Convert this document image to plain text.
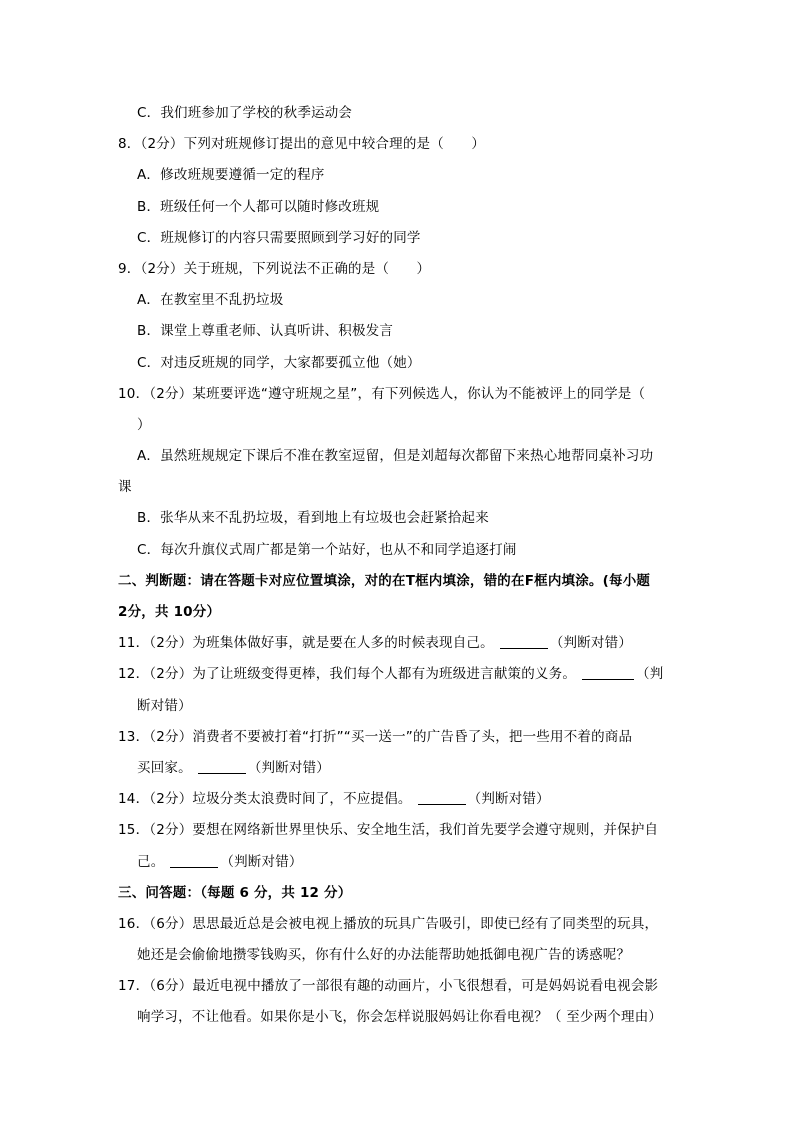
C．我们班参加了学校的秋季运动会
8．（2分）下列对班规修订提出的意见中较合理的是（　　）
A．修改班规要遵循一定的程序
B．班级任何一个人都可以随时修改班规
C．班规修订的内容只需要照顾到学习好的同学
9．（2分）关于班规，下列说法不正确的是（　　）
A．在教室里不乱扔垃圾
B．课堂上尊重老师、认真听讲、积极发言
C．对违反班规的同学，大家都要孤立他（她）
10．（2分）某班要评选“遵守班规之星”，有下列候选人，你认为不能被评上的同学是（
）
A．虽然班规规定下课后不准在教室逗留，但是刘超每次都留下来热心地帮同桌补习功
课
B．张华从来不乱扔垃圾，看到地上有垃圾也会赶紧拾起来
C．每次升旗仪式周广都是第一个站好，也从不和同学追逐打闹
二、判断题：请在答题卡对应位置填涂，对的在T框内填涂，错的在F框内填涂。(每小题
2分，共 10分）
11．（2分）为班集体做好事，就是要在人多的时候表现自己。	（判断对错）
12．（2分）为了让班级变得更棒，我们每个人都有为班级进言献策的义务。	（判
断对错）
13．（2分）消费者不要被打着“打折”“买一送一”的广告昏了头，把一些用不着的商品
买回家。	（判断对错）
14．（2分）垃圾分类太浪费时间了，不应提倡。	（判断对错）
15．（2分）要想在网络新世界里快乐、安全地生活，我们首先要学会遵守规则，并保护自
己。	（判断对错）
三、问答题：（每题 6 分，共 12 分）
16．（6分）思思最近总是会被电视上播放的玩具广告吸引，即使已经有了同类型的玩具，
她还是会偷偷地攒零钱购买，你有什么好的办法能帮助她抵御电视广告的诱惑呢？
17．（6分）最近电视中播放了一部很有趣的动画片，小飞很想看，可是妈妈说看电视会影
响学习，不让他看。如果你是小飞，你会怎样说服妈妈让你看电视？（ 至少两个理由）
